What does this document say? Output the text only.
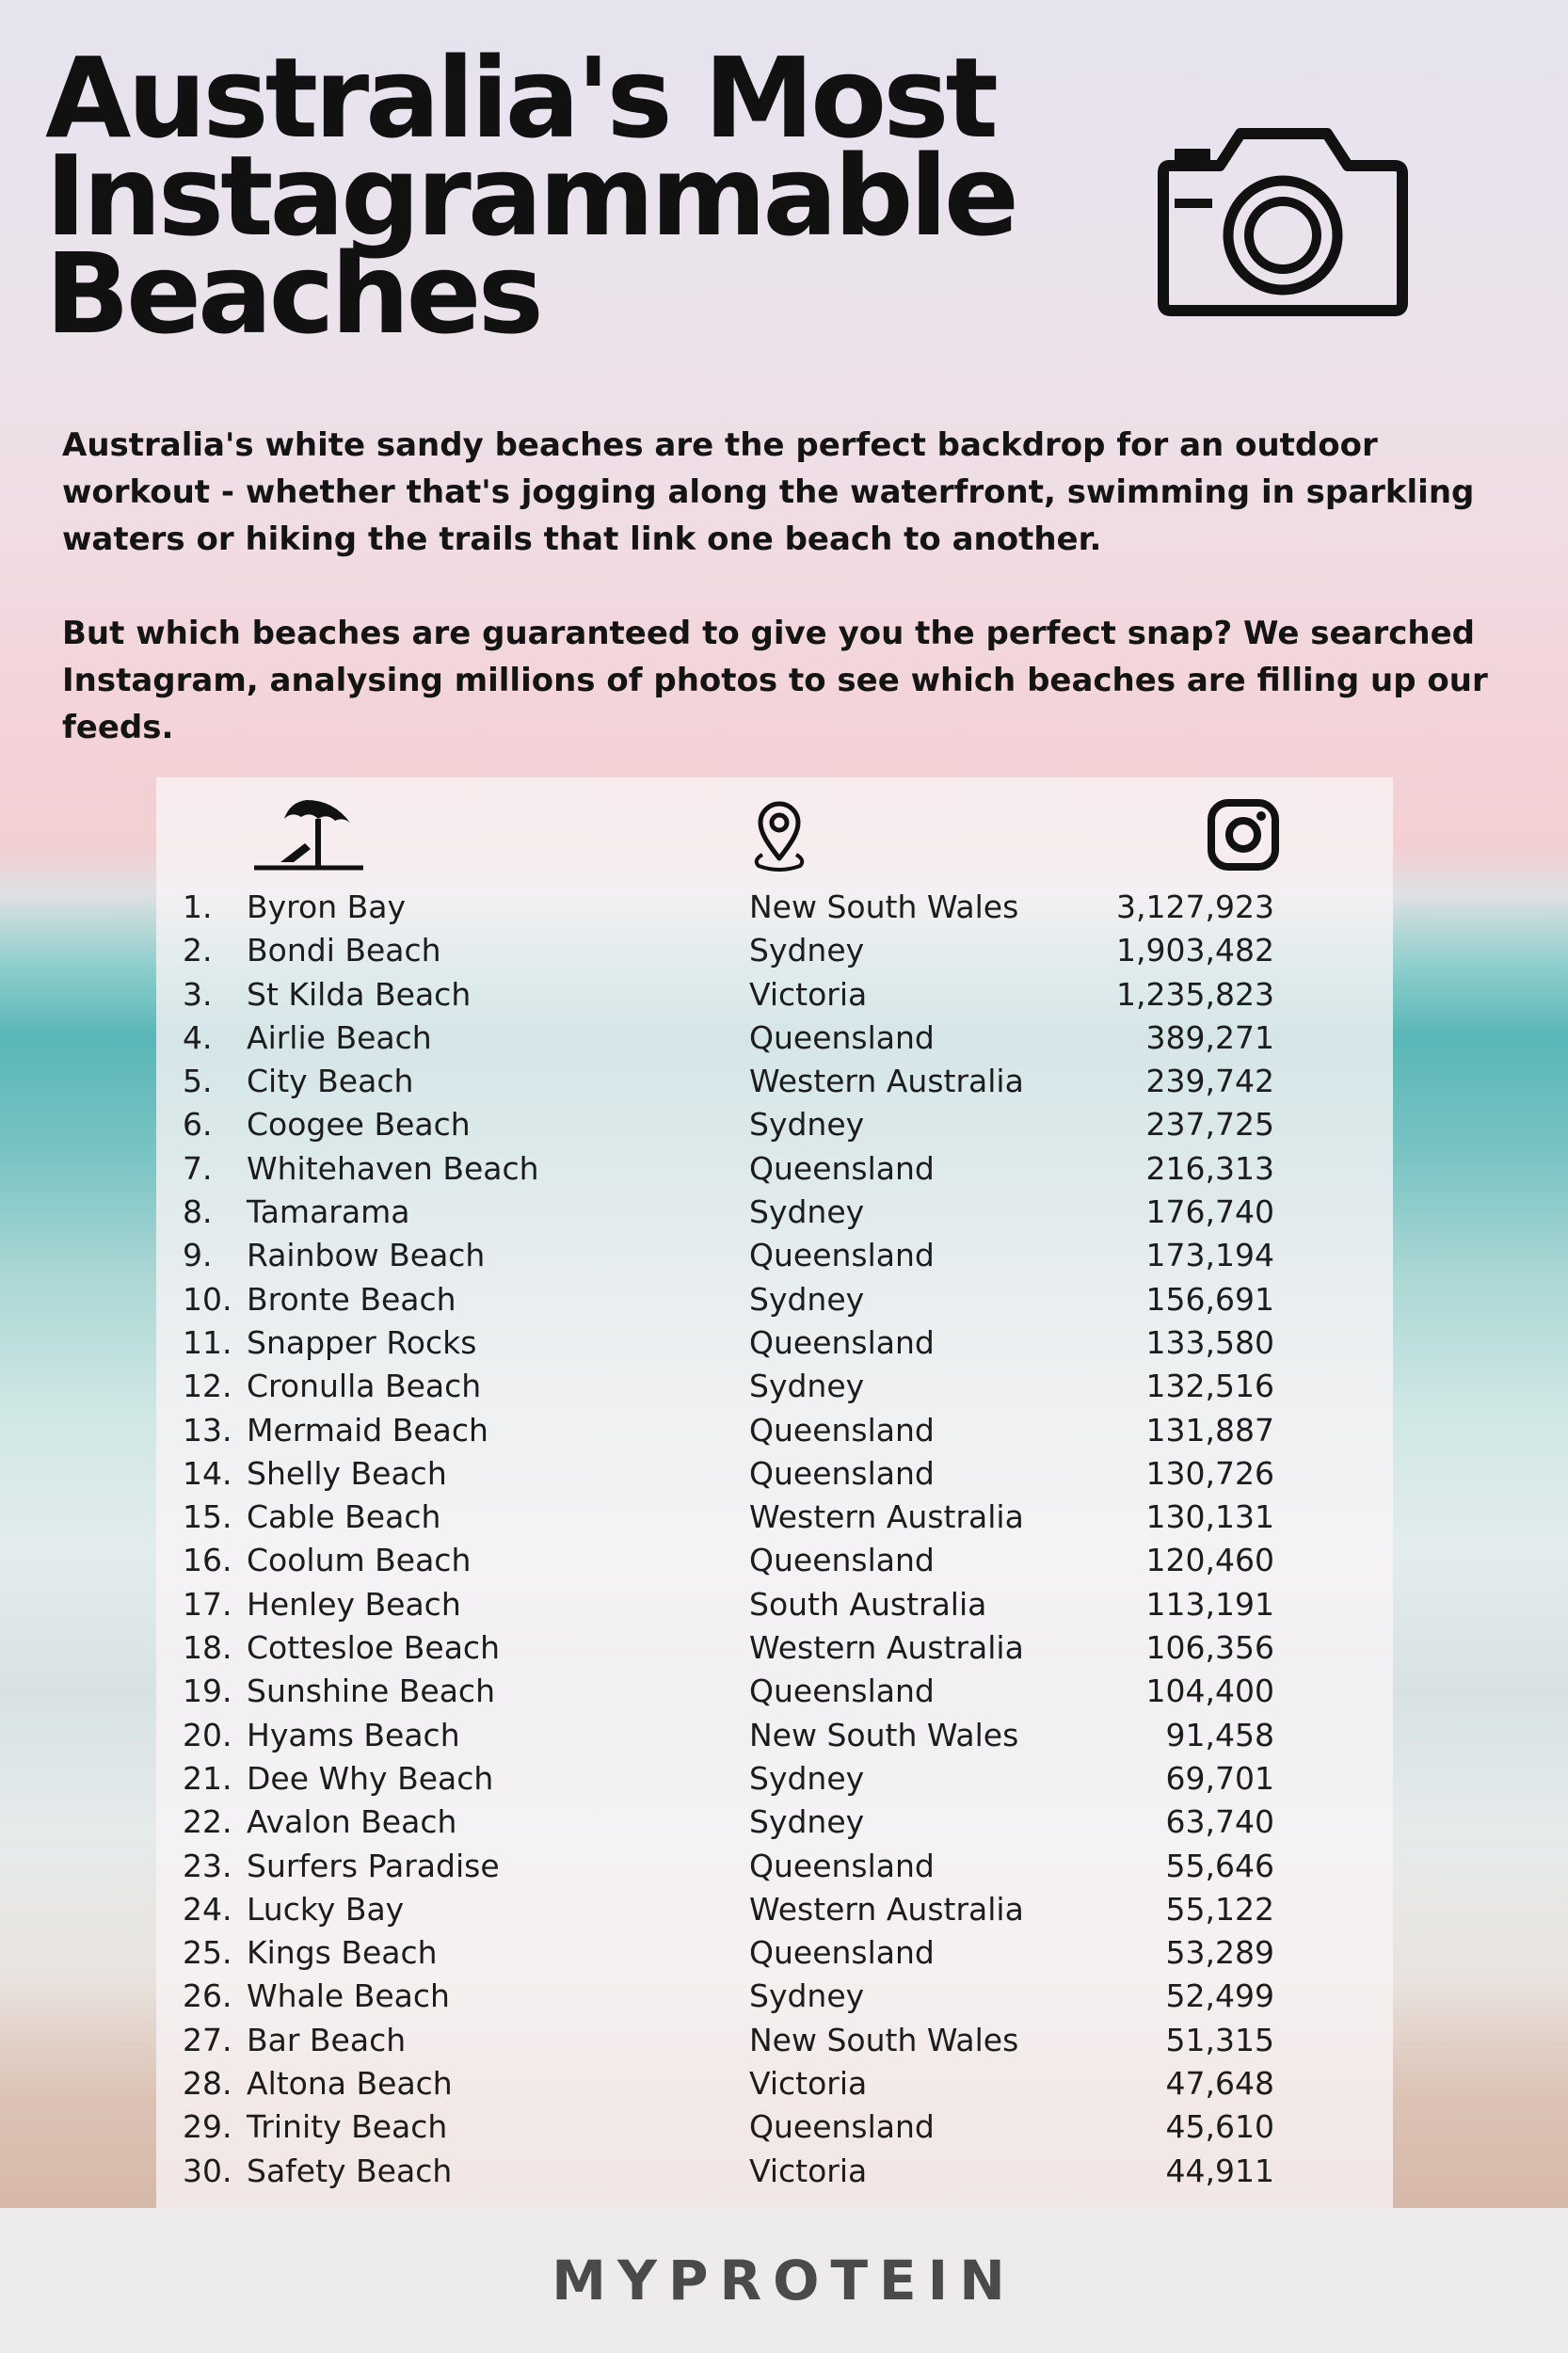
Australia's Most
Instagrammable
Beaches

Australia's white sandy beaches are the perfect backdrop for an outdoor workout - whether that's jogging along the waterfront, swimming in sparkling waters or hiking the trails that link one beach to another.

But which beaches are guaranteed to give you the perfect snap? We searched Instagram, analysing millions of photos to see which beaches are filling up our feeds.

1. Byron Bay	New South Wales	3,127,923
2. Bondi Beach	Sydney	1,903,482
3. St Kilda Beach	Victoria	1,235,823
4. Airlie Beach	Queensland	389,271
5. City Beach	Western Australia	239,742
6. Coogee Beach	Sydney	237,725
7. Whitehaven Beach	Queensland	216,313
8. Tamarama	Sydney	176,740
9. Rainbow Beach	Queensland	173,194
10. Bronte Beach	Sydney	156,691
11. Snapper Rocks	Queensland	133,580
12. Cronulla Beach	Sydney	132,516
13. Mermaid Beach	Queensland	131,887
14. Shelly Beach	Queensland	130,726
15. Cable Beach	Western Australia	130,131
16. Coolum Beach	Queensland	120,460
17. Henley Beach	South Australia	113,191
18. Cottesloe Beach	Western Australia	106,356
19. Sunshine Beach	Queensland	104,400
20. Hyams Beach	New South Wales	91,458
21. Dee Why Beach	Sydney	69,701
22. Avalon Beach	Sydney	63,740
23. Surfers Paradise	Queensland	55,646
24. Lucky Bay	Western Australia	55,122
25. Kings Beach	Queensland	53,289
26. Whale Beach	Sydney	52,499
27. Bar Beach	New South Wales	51,315
28. Altona Beach	Victoria	47,648
29. Trinity Beach	Queensland	45,610
30. Safety Beach	Victoria	44,911
MYPROTEIN
